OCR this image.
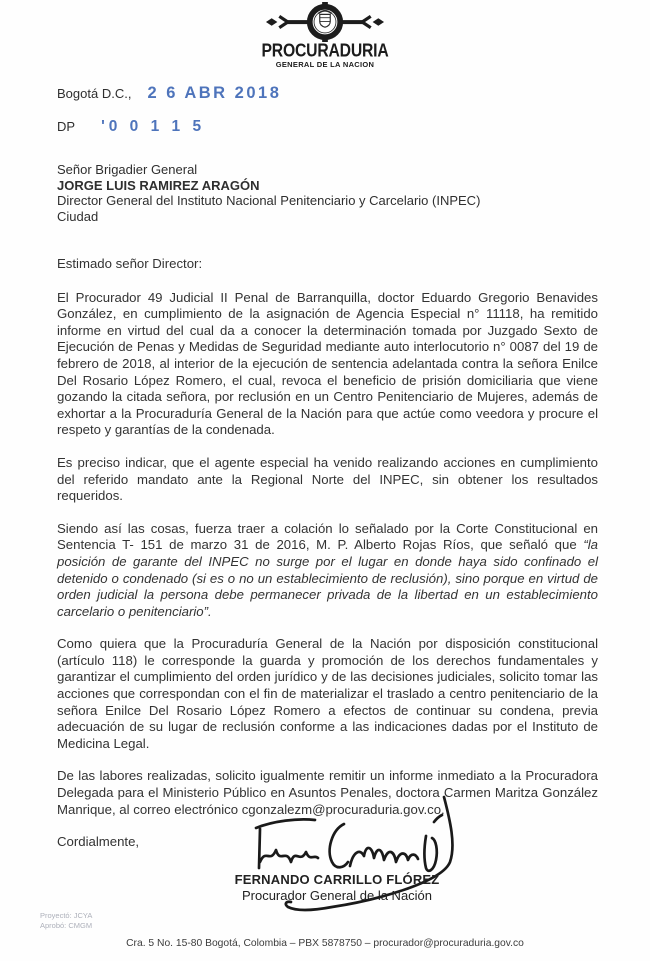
PROCURADURIA
GENERAL DE LA NACION
Bogotá D.C., 2 6 ABR 2018
DP '0 0 1 1 5
Señor Brigadier General
JORGE LUIS RAMIREZ ARAGÓN
Director General del Instituto Nacional Penitenciario y Carcelario (INPEC)
Ciudad

Estimado señor Director:

El Procurador 49 Judicial II Penal de Barranquilla, doctor Eduardo Gregorio Benavides González, en cumplimiento de la asignación de Agencia Especial n° 11118, ha remitido informe en virtud del cual da a conocer la determinación tomada por Juzgado Sexto de Ejecución de Penas y Medidas de Seguridad mediante auto interlocutorio n° 0087 del 19 de febrero de 2018, al interior de la ejecución de sentencia adelantada contra la señora Enilce Del Rosario López Romero, el cual, revoca el beneficio de prisión domiciliaria que viene gozando la citada señora, por reclusión en un Centro Penitenciario de Mujeres, además de exhortar a la Procuraduría General de la Nación para que actúe como veedora y procure el respeto y garantías de la condenada.

Es preciso indicar, que el agente especial ha venido realizando acciones en cumplimiento del referido mandato ante la Regional Norte del INPEC, sin obtener los resultados requeridos.

Siendo así las cosas, fuerza traer a colación lo señalado por la Corte Constitucional en Sentencia T- 151 de marzo 31 de 2016, M. P. Alberto Rojas Ríos, que señaló que “la posición de garante del INPEC no surge por el lugar en donde haya sido confinado el detenido o condenado (si es o no un establecimiento de reclusión), sino porque en virtud de orden judicial la persona debe permanecer privada de la libertad en un establecimiento carcelario o penitenciario”.

Como quiera que la Procuraduría General de la Nación por disposición constitucional (artículo 118) le corresponde la guarda y promoción de los derechos fundamentales y garantizar el cumplimiento del orden jurídico y de las decisiones judiciales, solicito tomar las acciones que correspondan con el fin de materializar el traslado a centro penitenciario de la señora Enilce Del Rosario López Romero a efectos de continuar su condena, previa adecuación de su lugar de reclusión conforme a las indicaciones dadas por el Instituto de Medicina Legal.

De las labores realizadas, solicito igualmente remitir un informe inmediato a la Procuradora Delegada para el Ministerio Público en Asuntos Penales, doctora Carmen Maritza González Manrique, al correo electrónico cgonzalezm@procuraduria.gov.co.

Cordialmente,

FERNANDO CARRILLO FLÓREZ
Procurador General de la Nación
Proyectó: JCYA
Aprobó: CMGM
Cra. 5 No. 15-80 Bogotá, Colombia – PBX 5878750 – procurador@procuraduria.gov.co
